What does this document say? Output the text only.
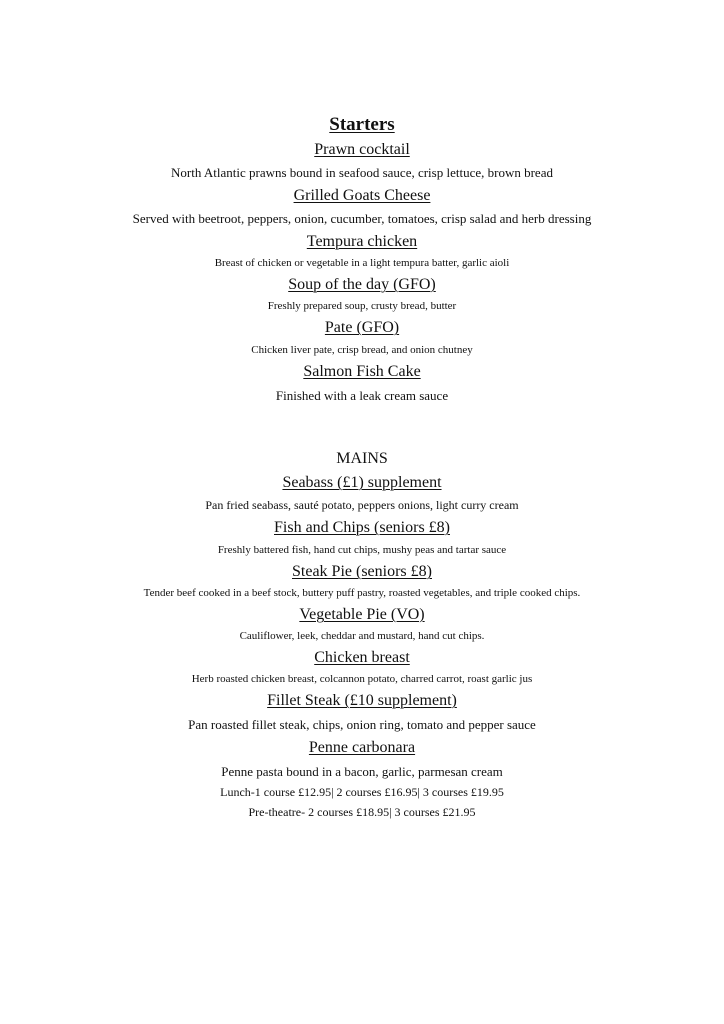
Starters
Prawn cocktail
North Atlantic prawns bound in seafood sauce, crisp lettuce, brown bread
Grilled Goats Cheese
Served with beetroot, peppers, onion, cucumber, tomatoes, crisp salad and herb dressing
Tempura chicken
Breast of chicken or vegetable in a light tempura batter, garlic aioli
Soup of the day (GFO)
Freshly prepared soup, crusty bread, butter
Pate (GFO)
Chicken liver pate, crisp bread, and onion chutney
Salmon Fish Cake
Finished with a leak cream sauce
MAINS
Seabass (£1) supplement
Pan fried seabass, sauté potato, peppers onions, light curry cream
Fish and Chips (seniors £8)
Freshly battered fish, hand cut chips, mushy peas and tartar sauce
Steak Pie (seniors £8)
Tender beef cooked in a beef stock, buttery puff pastry, roasted vegetables, and triple cooked chips.
Vegetable Pie (VO)
Cauliflower, leek, cheddar and mustard, hand cut chips.
Chicken breast
Herb roasted chicken breast, colcannon potato, charred carrot, roast garlic jus
Fillet Steak (£10 supplement)
Pan roasted fillet steak, chips, onion ring, tomato and pepper sauce
Penne carbonara
Penne pasta bound in a bacon, garlic, parmesan cream
Lunch-1 course £12.95| 2 courses £16.95| 3 courses £19.95
Pre-theatre- 2 courses £18.95| 3 courses £21.95
